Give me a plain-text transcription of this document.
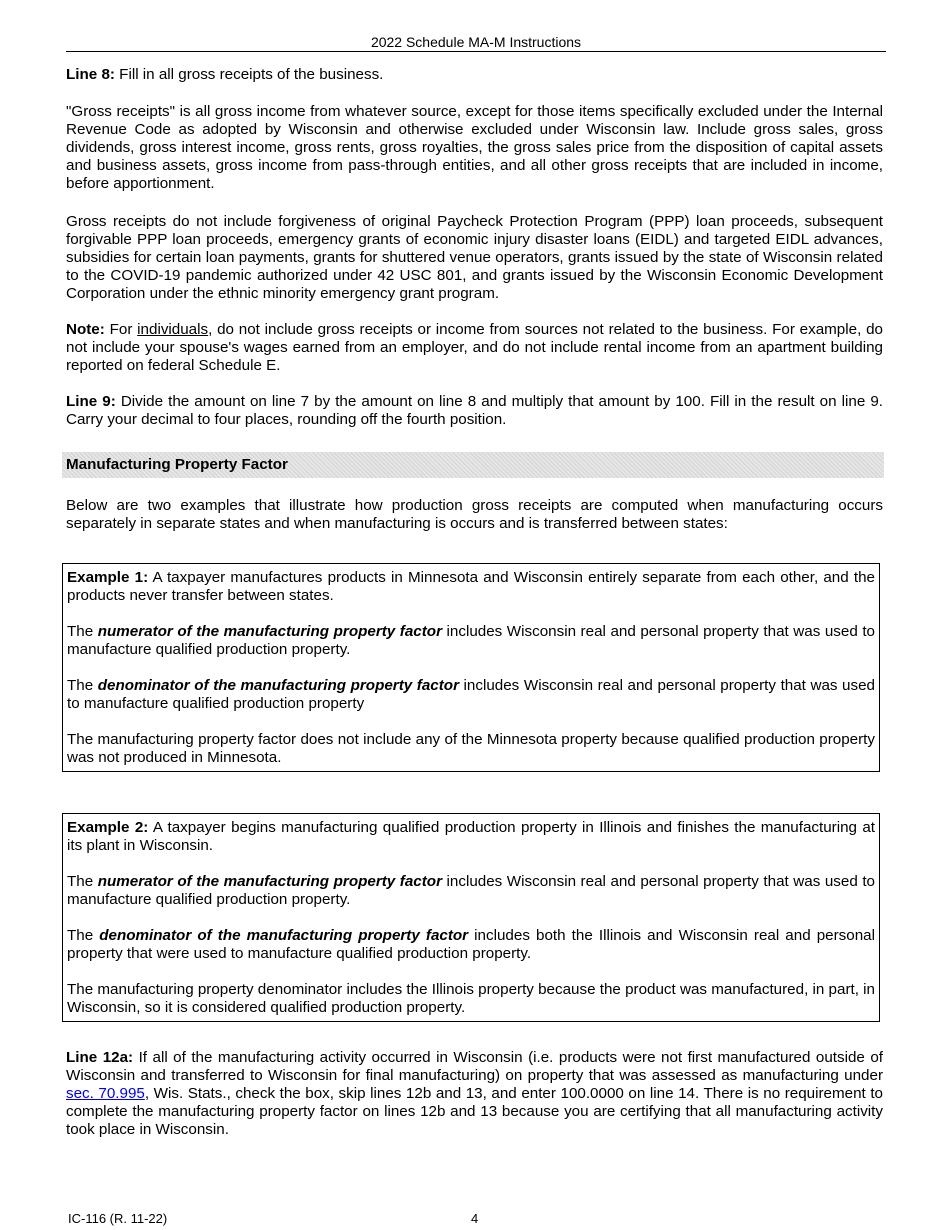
2022 Schedule MA-M Instructions

Line 8: Fill in all gross receipts of the business.

"Gross receipts" is all gross income from whatever source, except for those items specifically excluded under the Internal Revenue Code as adopted by Wisconsin and otherwise excluded under Wisconsin law. Include gross sales, gross dividends, gross interest income, gross rents, gross royalties, the gross sales price from the disposition of capital assets and business assets, gross income from pass-through entities, and all other gross receipts that are included in income, before apportionment.

Gross receipts do not include forgiveness of original Paycheck Protection Program (PPP) loan proceeds, subsequent forgivable PPP loan proceeds, emergency grants of economic injury disaster loans (EIDL) and targeted EIDL advances, subsidies for certain loan payments, grants for shuttered venue operators, grants issued by the state of Wisconsin related to the COVID-19 pandemic authorized under 42 USC 801, and grants issued by the Wisconsin Economic Development Corporation under the ethnic minority emergency grant program.

Note: For individuals, do not include gross receipts or income from sources not related to the business. For example, do not include your spouse's wages earned from an employer, and do not include rental income from an apartment building reported on federal Schedule E.

Line 9: Divide the amount on line 7 by the amount on line 8 and multiply that amount by 100. Fill in the result on line 9. Carry your decimal to four places, rounding off the fourth position.

Manufacturing Property Factor

Below are two examples that illustrate how production gross receipts are computed when manufacturing occurs separately in separate states and when manufacturing is occurs and is transferred between states:

Example 1: A taxpayer manufactures products in Minnesota and Wisconsin entirely separate from each other, and the products never transfer between states.

The numerator of the manufacturing property factor includes Wisconsin real and personal property that was used to manufacture qualified production property.

The denominator of the manufacturing property factor includes Wisconsin real and personal property that was used to manufacture qualified production property

The manufacturing property factor does not include any of the Minnesota property because qualified production property was not produced in Minnesota.

Example 2: A taxpayer begins manufacturing qualified production property in Illinois and finishes the manufacturing at its plant in Wisconsin.

The numerator of the manufacturing property factor includes Wisconsin real and personal property that was used to manufacture qualified production property.

The denominator of the manufacturing property factor includes both the Illinois and Wisconsin real and personal property that were used to manufacture qualified production property.

The manufacturing property denominator includes the Illinois property because the product was manufactured, in part, in Wisconsin, so it is considered qualified production property.

Line 12a: If all of the manufacturing activity occurred in Wisconsin (i.e. products were not first manufactured outside of Wisconsin and transferred to Wisconsin for final manufacturing) on property that was assessed as manufacturing under sec. 70.995, Wis. Stats., check the box, skip lines 12b and 13, and enter 100.0000 on line 14. There is no requirement to complete the manufacturing property factor on lines 12b and 13 because you are certifying that all manufacturing activity took place in Wisconsin.

IC-116 (R. 11-22)	4
